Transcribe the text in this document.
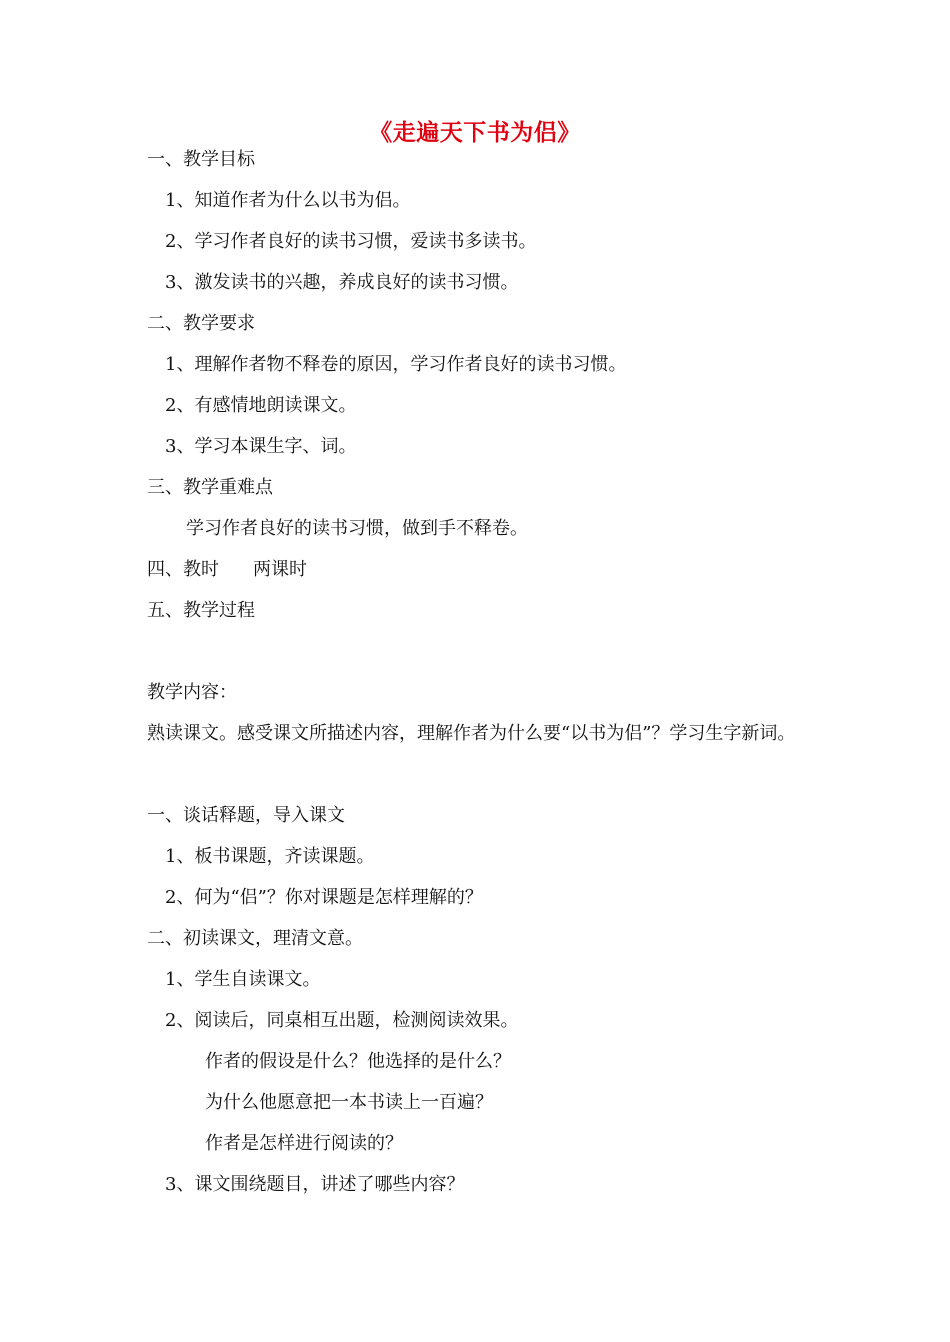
《走遍天下书为侣》
一、教学目标
1、知道作者为什么以书为侣。
2、学习作者良好的读书习惯，爱读书多读书。
3、激发读书的兴趣，养成良好的读书习惯。
二、教学要求
1、理解作者物不释卷的原因，学习作者良好的读书习惯。
2、有感情地朗读课文。
3、学习本课生字、词。
三、教学重难点
学习作者良好的读书习惯，做到手不释卷。
四、教时 两课时
五、教学过程
教学内容：
熟读课文。感受课文所描述内容，理解作者为什么要“以书为侣”？学习生字新词。
一、谈话释题，导入课文
1、板书课题，齐读课题。
2、何为“侣”？你对课题是怎样理解的？
二、初读课文，理清文意。
1、学生自读课文。
2、阅读后，同桌相互出题，检测阅读效果。
作者的假设是什么？他选择的是什么？
为什么他愿意把一本书读上一百遍？
作者是怎样进行阅读的？
3、课文围绕题目，讲述了哪些内容？
